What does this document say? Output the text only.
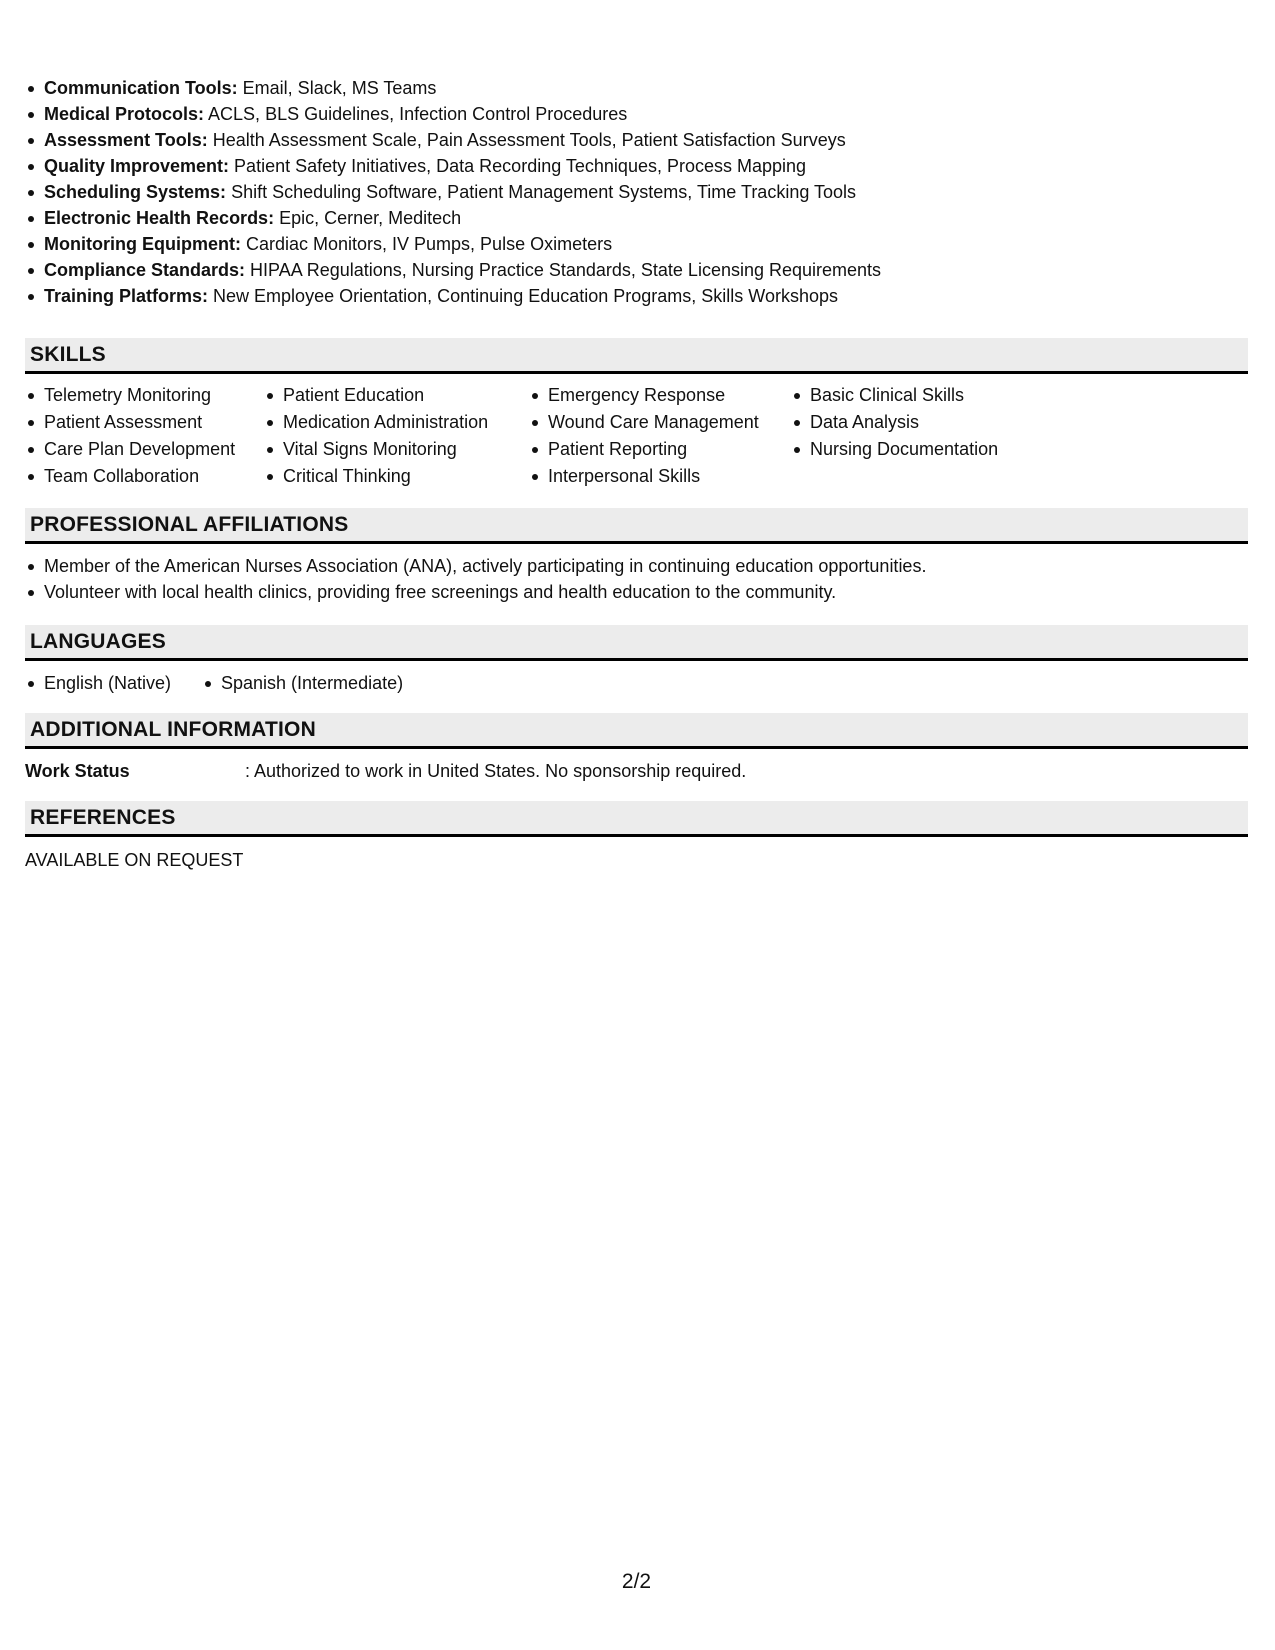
Communication Tools: Email, Slack, MS Teams
Medical Protocols: ACLS, BLS Guidelines, Infection Control Procedures
Assessment Tools: Health Assessment Scale, Pain Assessment Tools, Patient Satisfaction Surveys
Quality Improvement: Patient Safety Initiatives, Data Recording Techniques, Process Mapping
Scheduling Systems: Shift Scheduling Software, Patient Management Systems, Time Tracking Tools
Electronic Health Records: Epic, Cerner, Meditech
Monitoring Equipment: Cardiac Monitors, IV Pumps, Pulse Oximeters
Compliance Standards: HIPAA Regulations, Nursing Practice Standards, State Licensing Requirements
Training Platforms: New Employee Orientation, Continuing Education Programs, Skills Workshops
SKILLS
Telemetry Monitoring
Patient Assessment
Care Plan Development
Team Collaboration
Patient Education
Medication Administration
Vital Signs Monitoring
Critical Thinking
Emergency Response
Wound Care Management
Patient Reporting
Interpersonal Skills
Basic Clinical Skills
Data Analysis
Nursing Documentation
PROFESSIONAL AFFILIATIONS
Member of the American Nurses Association (ANA), actively participating in continuing education opportunities.
Volunteer with local health clinics, providing free screenings and health education to the community.
LANGUAGES
English (Native)	Spanish (Intermediate)
ADDITIONAL INFORMATION
Work Status	: Authorized to work in United States. No sponsorship required.
REFERENCES
AVAILABLE ON REQUEST
2/2
